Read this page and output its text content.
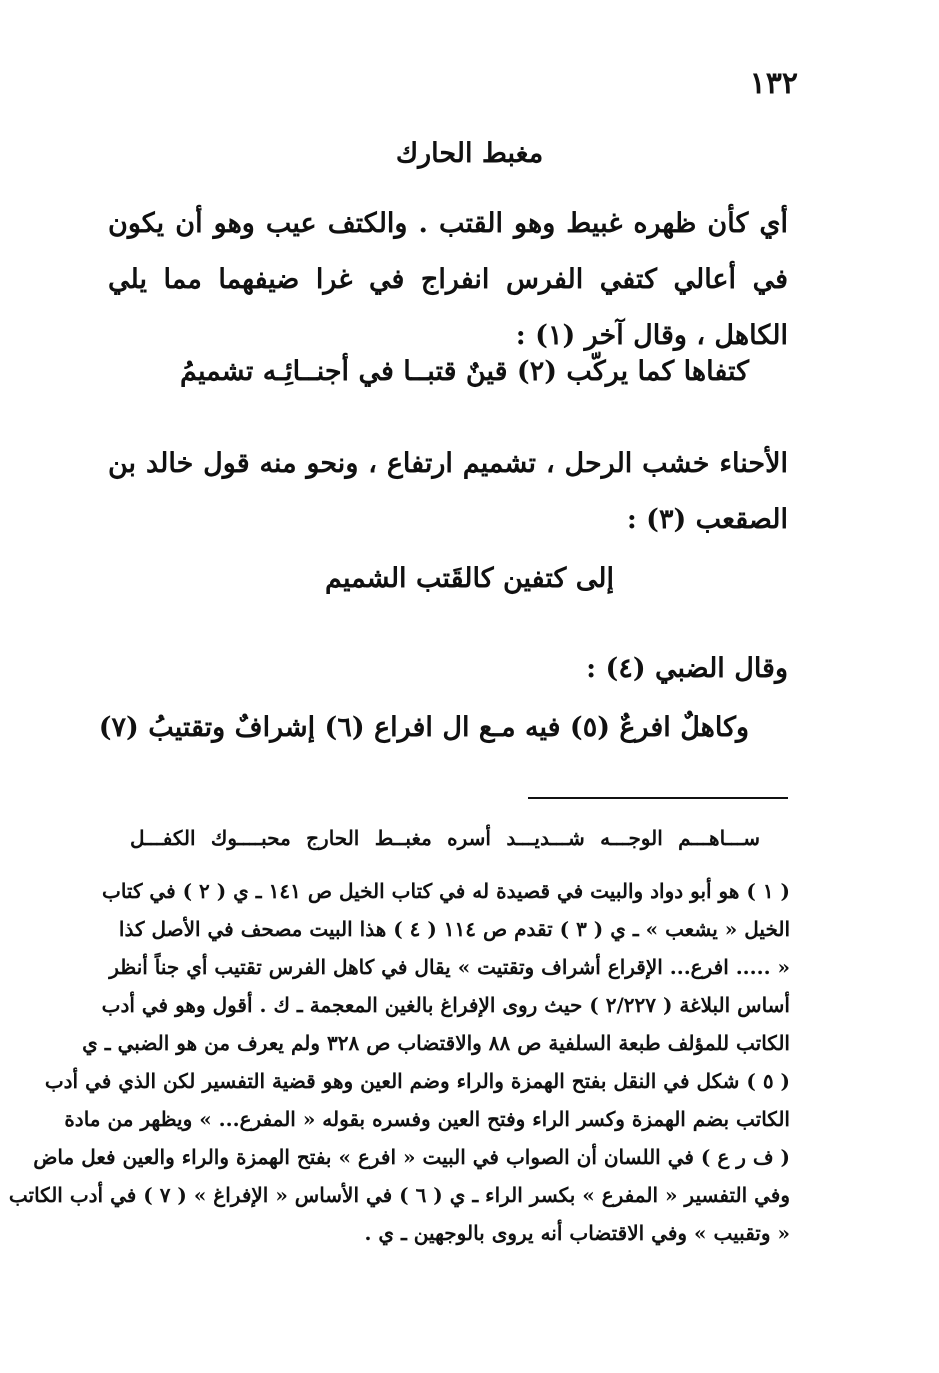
١٣٢
مغبط الحارك
أي كأن ظهره غبيط وهو القتب . والكتف عيب وهو أن يكون في أعالي كتفي الفرس انفراج في غرا ضيفهما مما يلي الكاهل ، وقال آخر (١) :
كتفاها كما يركّب (٢) قينٌ قتبــا في أجنــائِـه تشميمُ
الأحناء خشب الرحل ، تشميم ارتفاع ، ونحو منه قول خالد بن الصقعب (٣) :
إلى كتفين كالقَتب الشميم
وقال الضبي (٤) :
وكاهلٌ افرعٌ (٥) فيه مـع ال افراع (٦) إشرافٌ وتقتيبُ (٧)
ســـاهـــم الوجـــه شـــديـــد أسره مغبــط الحارج محبــــوك الكفـــل
( ١ ) هو أبو دواد والبيت في قصيدة له في كتاب الخيل ص ١٤١ ـ ي ( ٢ ) في كتاب
الخيل « يشعب » ـ ي ( ٣ ) تقدم ص ١١٤ ( ٤ ) هذا البيت مصحف في الأصل كذا
« ..... افرع... الإقراع أشراف وتقتيت » يقال في كاهل الفرس تقتيب أي جناً أنظر
أساس البلاغة ( ٢/٢٢٧ ) حيث روى الإفراغ بالغين المعجمة ـ ك . أقول وهو في أدب
الكاتب للمؤلف طبعة السلفية ص ٨٨ والاقتضاب ص ٣٢٨ ولم يعرف من هو الضبي ـ ي
( ٥ ) شكل في النقل بفتح الهمزة والراء وضم العين وهو قضية التفسير لكن الذي في أدب
الكاتب بضم الهمزة وكسر الراء وفتح العين وفسره بقوله « المفرع... » ويظهر من مادة
( ف ر ع ) في اللسان أن الصواب في البيت « افرع » بفتح الهمزة والراء والعين فعل ماض
وفي التفسير « المفرع » بكسر الراء ـ ي ( ٦ ) في الأساس « الإفراغ » ( ٧ ) في أدب الكاتب
« وتقبيب » وفي الاقتضاب أنه يروى بالوجهين ـ ي .
